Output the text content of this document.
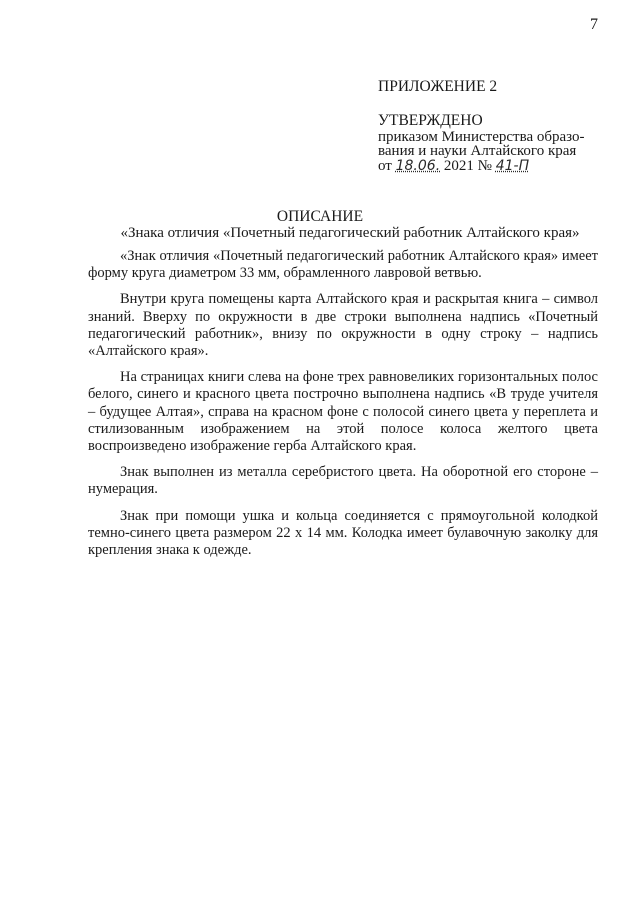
7
ПРИЛОЖЕНИЕ 2
УТВЕРЖДЕНО
приказом Министерства образо-
вания и науки Алтайского края
от 18.06. 2021 № 41-П
ОПИСАНИЕ
«Знака отличия «Почетный педагогический работник Алтайского края»

«Знак отличия «Почетный педагогический работник Алтайского края» имеет форму круга диаметром 33 мм, обрамленного лавровой ветвью.

Внутри круга помещены карта Алтайского края и раскрытая книга – символ знаний. Вверху по окружности в две строки выполнена надпись «Почетный педагогический работник», внизу по окружности в одну строку – надпись «Алтайского края».

На страницах книги слева на фоне трех равновеликих горизонтальных полос белого, синего и красного цвета построчно выполнена надпись «В труде учителя – будущее Алтая», справа на красном фоне с полосой синего цвета у переплета и стилизованным изображением на этой полосе колоса желтого цвета воспроизведено изображение герба Алтайского края.

Знак выполнен из металла серебристого цвета. На оборотной его стороне – нумерация.

Знак при помощи ушка и кольца соединяется с прямоугольной колодкой темно-синего цвета размером 22 х 14 мм. Колодка имеет булавочную заколку для крепления знака к одежде.
